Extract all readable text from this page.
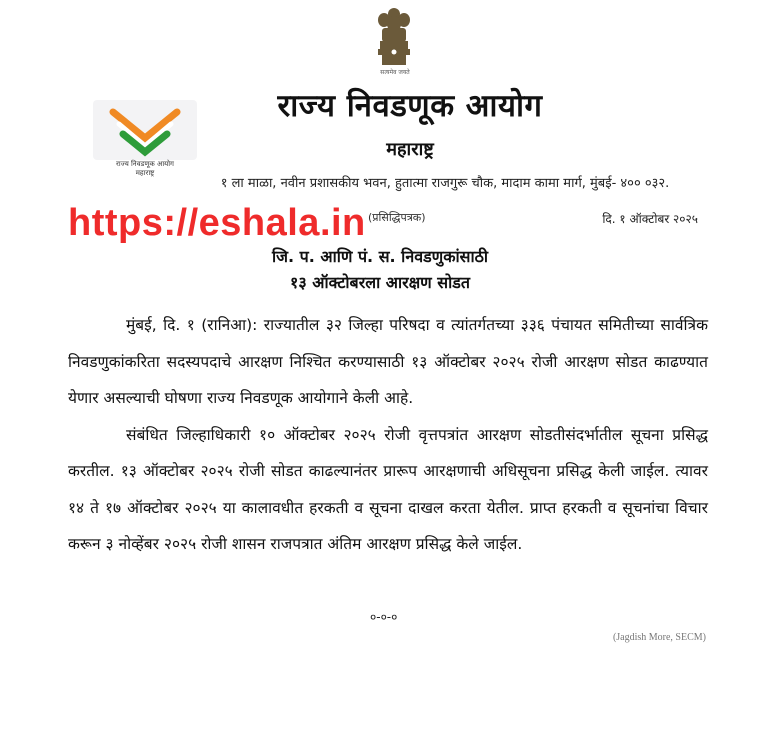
सत्यमेव जयते
राज्य निवडणूक आयोग
महाराष्ट्र
राज्य निवडणूक आयोग
महाराष्ट्र
१ ला माळा, नवीन प्रशासकीय भवन, हुतात्मा राजगुरू चौक, मादाम कामा मार्ग, मुंबई- ४०० ०३२.
https://eshala.in (प्रसिद्धिपत्रक)	दि. १ ऑक्टोबर २०२५
जि. प. आणि पं. स. निवडणुकांसाठी
१३ ऑक्टोबरला आरक्षण सोडत

मुंबई, दि. १ (रानिआ): राज्यातील ३२ जिल्हा परिषदा व त्यांतर्गतच्या ३३६ पंचायत समितीच्या सार्वत्रिक निवडणुकांकरिता सदस्यपदाचे आरक्षण निश्चित करण्यासाठी १३ ऑक्टोबर २०२५ रोजी आरक्षण सोडत काढण्यात येणार असल्याची घोषणा राज्य निवडणूक आयोगाने केली आहे.

संबंधित जिल्हाधिकारी १० ऑक्टोबर २०२५ रोजी वृत्तपत्रांत आरक्षण सोडतीसंदर्भातील सूचना प्रसिद्ध करतील. १३ ऑक्टोबर २०२५ रोजी सोडत काढल्यानंतर प्रारूप आरक्षणाची अधिसूचना प्रसिद्ध केली जाईल. त्यावर १४ ते १७ ऑक्टोबर २०२५ या कालावधीत हरकती व सूचना दाखल करता येतील. प्राप्त हरकती व सूचनांचा विचार करून ३ नोव्हेंबर २०२५ रोजी शासन राजपत्रात अंतिम आरक्षण प्रसिद्ध केले जाईल.

०-०-०
(Jagdish More, SECM)
